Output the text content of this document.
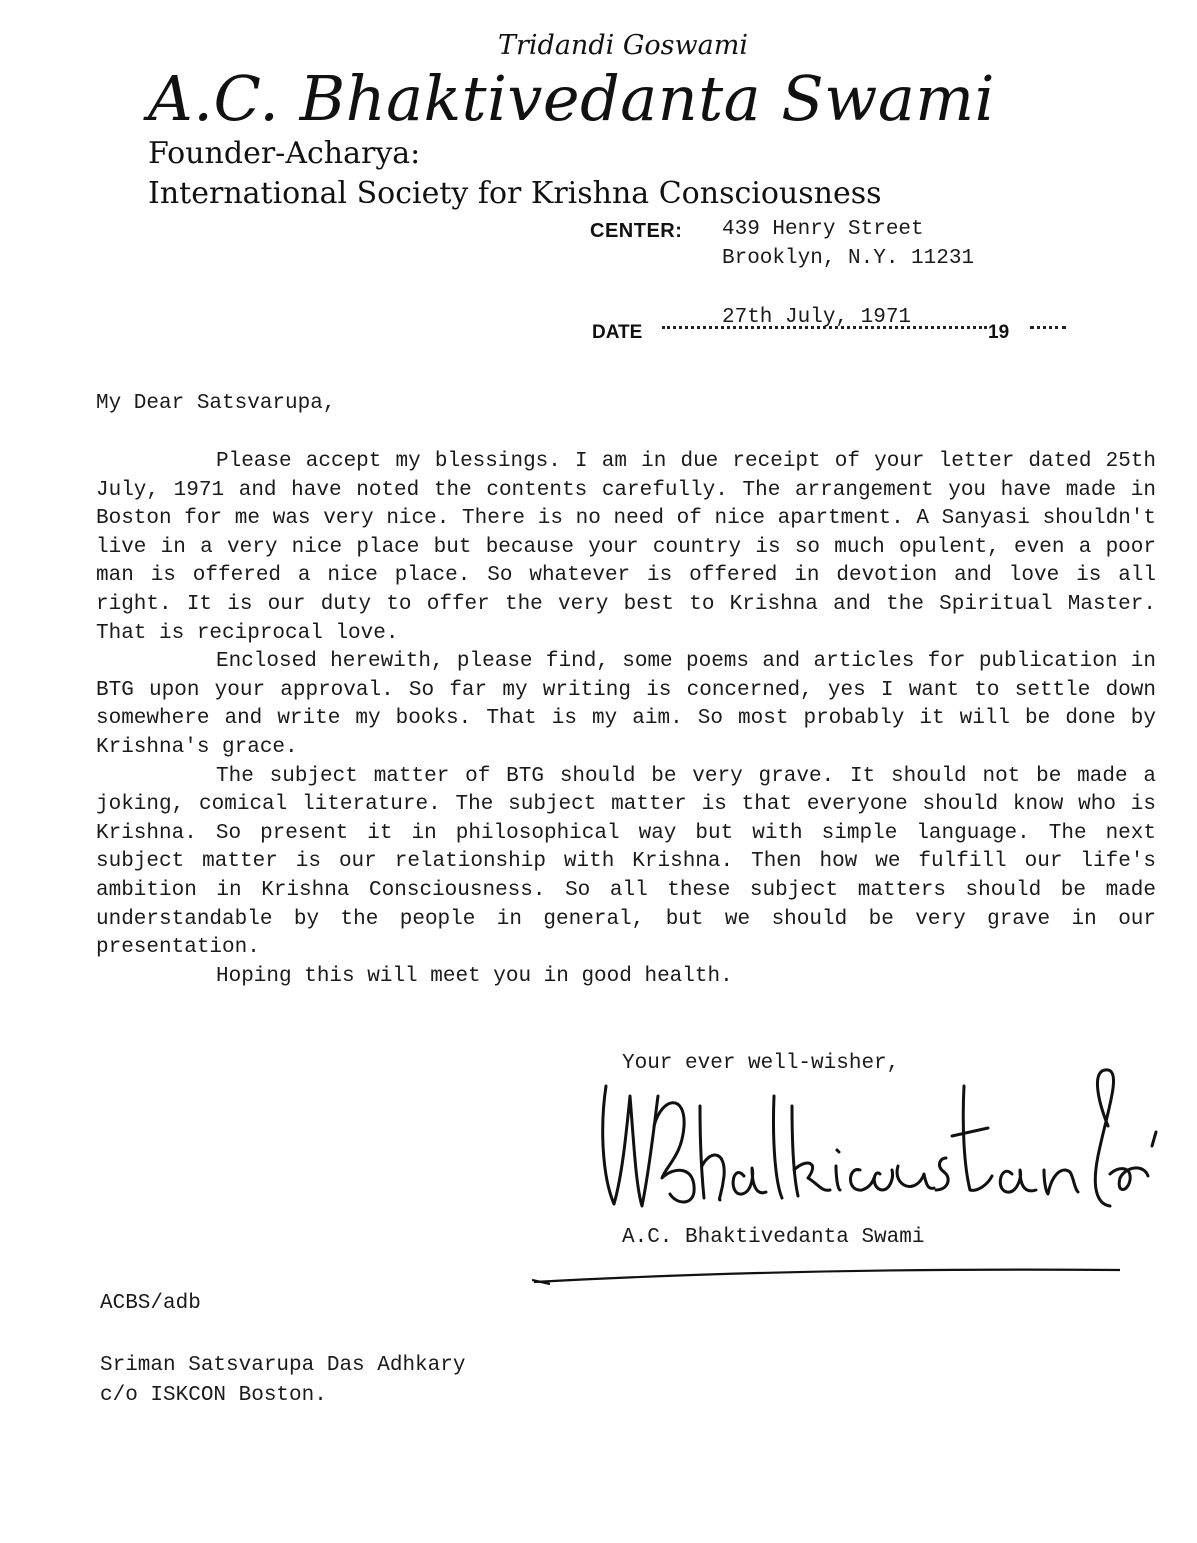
Tridandi Goswami
A.C. Bhaktivedanta Swami
Founder-Acharya:
International Society for Krishna Consciousness
CENTER: 439 Henry Street
Brooklyn, N.Y. 11231
27th July, 1971
DATE	19
My Dear Satsvarupa,

Please accept my blessings. I am in due receipt of your letter dated 25th July, 1971 and have noted the contents carefully. The arrangement you have made in Boston for me was very nice. There is no need of nice apartment. A Sanyasi shouldn't live in a very nice place but because your country is so much opulent, even a poor man is offered a nice place. So whatever is offered in devotion and love is all right. It is our duty to offer the very best to Krishna and the Spiritual Master. That is reciprocal love.

Enclosed herewith, please find, some poems and articles for publication in BTG upon your approval. So far my writing is concerned, yes I want to settle down somewhere and write my books. That is my aim. So most probably it will be done by Krishna's grace.

The subject matter of BTG should be very grave. It should not be made a joking, comical literature. The subject matter is that everyone should know who is Krishna. So present it in philosophical way but with simple language. The next subject matter is our relationship with Krishna. Then how we fulfill our life's ambition in Krishna Consciousness. So all these subject matters should be made understandable by the people in general, but we should be very grave in our presentation.

Hoping this will meet you in good health.

Your ever well-wisher,
A.C. Bhaktivedanta Swami
ACBS/adb
Sriman Satsvarupa Das Adhkary
c/o ISKCON Boston.
